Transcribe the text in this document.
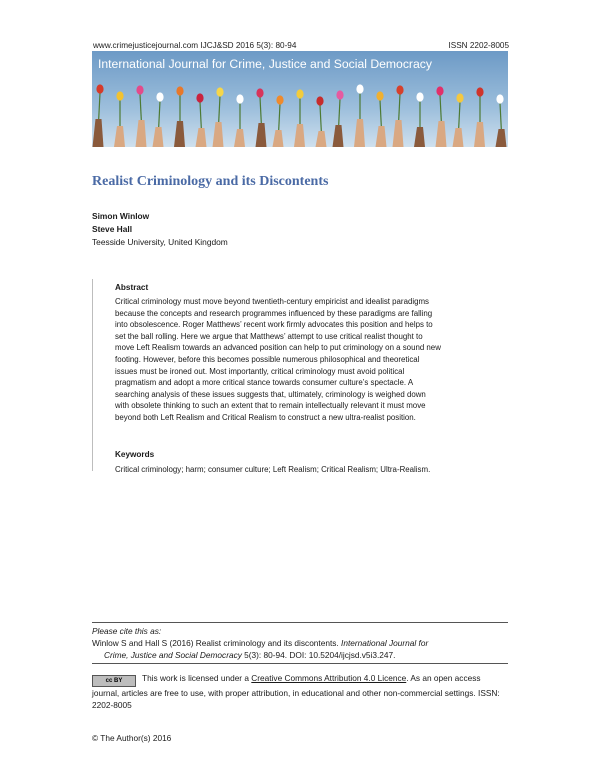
www.crimejusticejournal.com IJCJ&SD 2016 5(3): 80-94	ISSN 2202-8005
International Journal for Crime, Justice and Social Democracy
Realist Criminology and its Discontents
Simon Winlow
Steve Hall
Teesside University, United Kingdom
Abstract
Critical criminology must move beyond twentieth-century empiricist and idealist paradigms
because the concepts and research programmes influenced by these paradigms are falling
into obsolescence. Roger Matthews’ recent work firmly advocates this position and helps to
set the ball rolling. Here we argue that Matthews’ attempt to use critical realist thought to
move Left Realism towards an advanced position can help to put criminology on a sound new
footing. However, before this becomes possible numerous philosophical and theoretical
issues must be ironed out. Most importantly, critical criminology must avoid political
pragmatism and adopt a more critical stance towards consumer culture’s spectacle. A
searching analysis of these issues suggests that, ultimately, criminology is weighed down
with obsolete thinking to such an extent that to remain intellectually relevant it must move
beyond both Left Realism and Critical Realism to construct a new ultra-realist position.
Keywords
Critical criminology; harm; consumer culture; Left Realism; Critical Realism; Ultra-Realism.
Please cite this as:
Winlow S and Hall S (2016) Realist criminology and its discontents. International Journal for
Crime, Justice and Social Democracy 5(3): 80-94. DOI: 10.5204/ijcjsd.v5i3.247.
cc BY This work is licensed under a Creative Commons Attribution 4.0 Licence. As an open access journal, articles are free to use, with proper attribution, in educational and other non-commercial settings. ISSN: 2202-8005
© The Author(s) 2016
